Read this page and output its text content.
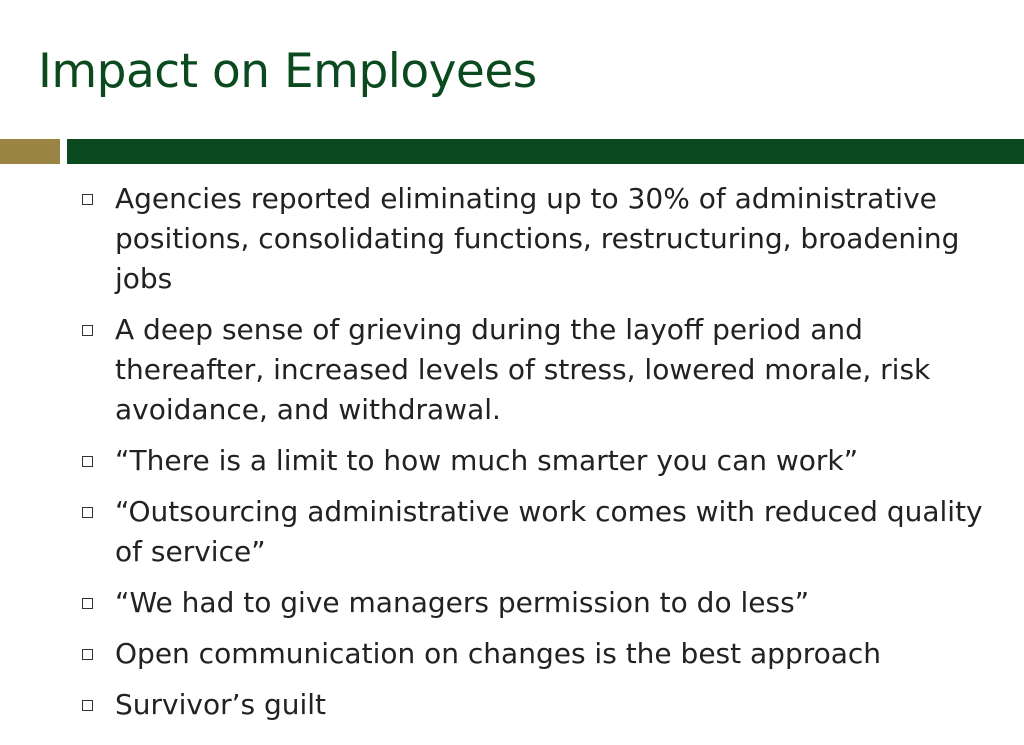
Impact on Employees
Agencies reported eliminating up to 30% of administrative positions, consolidating functions, restructuring, broadening jobs
A deep sense of grieving during the layoff period and thereafter, increased levels of stress, lowered morale, risk avoidance, and withdrawal.
“There is a limit to how much smarter you can work”
“Outsourcing administrative work comes with reduced quality of service”
“We had to give managers permission to do less”
Open communication on changes is the best approach
Survivor’s guilt
